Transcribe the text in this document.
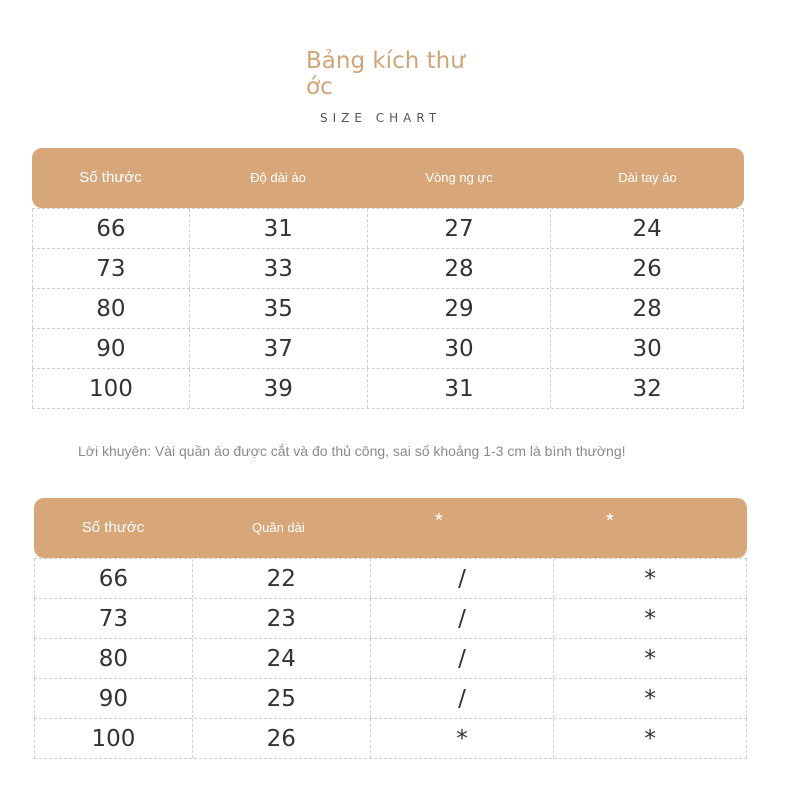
Bảng kích thư ớc
SIZE CHART
Số thước	Độ dài áo	Vòng ng ực	Dài tay áo
66	31	27	24
73	33	28	26
80	35	29	28
90	37	30	30
100	39	31	32
Lời khuyên: Vài quần áo được cắt và đo thủ công, sai số khoảng 1-3 cm là bình thường!
Số thước	Quần dài	*	*
66	22	/	*
73	23	/	*
80	24	/	*
90	25	/	*
100	26	*	*
